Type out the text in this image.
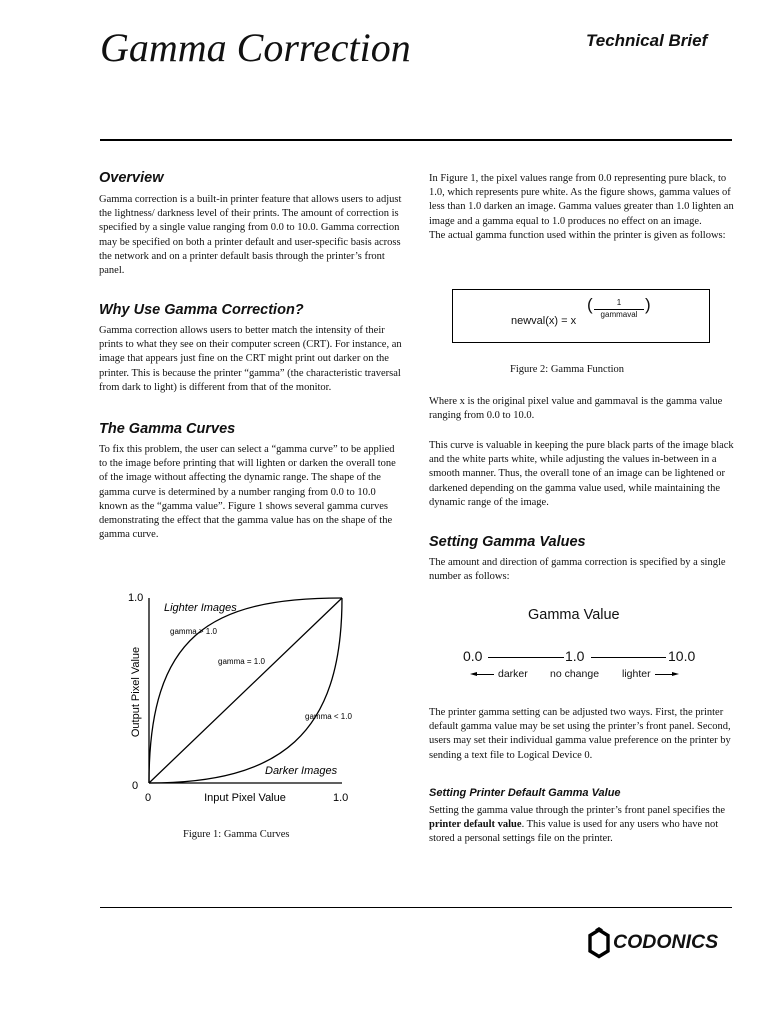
Gamma Correction	Technical Brief
Overview

Gamma correction is a built-in printer feature that allows users to adjust the lightness/ darkness level of their prints. The amount of correction is specified by a single value ranging from 0.0 to 10.0. Gamma correction may be specified on both a printer default and user-specific basis across the network and on a printer default basis through the printer’s front panel.

Why Use Gamma Correction?

Gamma correction allows users to better match the intensity of their prints to what they see on their computer screen (CRT). For instance, an image that appears just fine on the CRT might print out darker on the printer. This is because the printer “gamma” (the characteristic traversal from dark to light) is different from that of the monitor.

The Gamma Curves

To fix this problem, the user can select a “gamma curve” to be applied to the image before printing that will lighten or darken the overall tone of the image without affecting the dynamic range. The shape of the gamma curve is determined by a number ranging from 0.0 to 10.0 known as the “gamma value”. Figure 1 shows several gamma curves demonstrating the effect that the gamma value has on the shape of the gamma curve.

1.0
0
0	1.0
Output Pixel Value
Input Pixel Value
Lighter Images
Darker Images
gamma > 1.0
gamma = 1.0
gamma < 1.0
Figure 1: Gamma Curves

In Figure 1, the pixel values range from 0.0 representing pure black, to 1.0, which represents pure white. As the figure shows, gamma values of less than 1.0 darken an image. Gamma values greater than 1.0 lighten an image and a gamma equal to 1.0 produces no effect on an image.
The actual gamma function used within the printer is given as follows:

newval(x) = x
(	1
gammaval
)
Figure 2: Gamma Function

Where x is the original pixel value and gammaval is the gamma value ranging from 0.0 to 10.0.

This curve is valuable in keeping the pure black parts of the image black and the white parts white, while adjusting the values in-between in a smooth manner. Thus, the overall tone of an image can be lightened or darkened depending on the gamma value used, while maintaining the dynamic range of the image.

Setting Gamma Values

The amount and direction of gamma correction is specified by a single number as follows:

Gamma Value
0.0	1.0	10.0
darker no change lighter

The printer gamma setting can be adjusted two ways. First, the printer default gamma value may be set using the printer’s front panel. Second, users may set their individual gamma value preference on the printer by sending a text file to Logical Device 0.

Setting Printer Default Gamma Value

Setting the gamma value through the printer’s front panel specifies the printer default value. This value is used for any users who have not stored a personal settings file on the printer.

CODONICS
